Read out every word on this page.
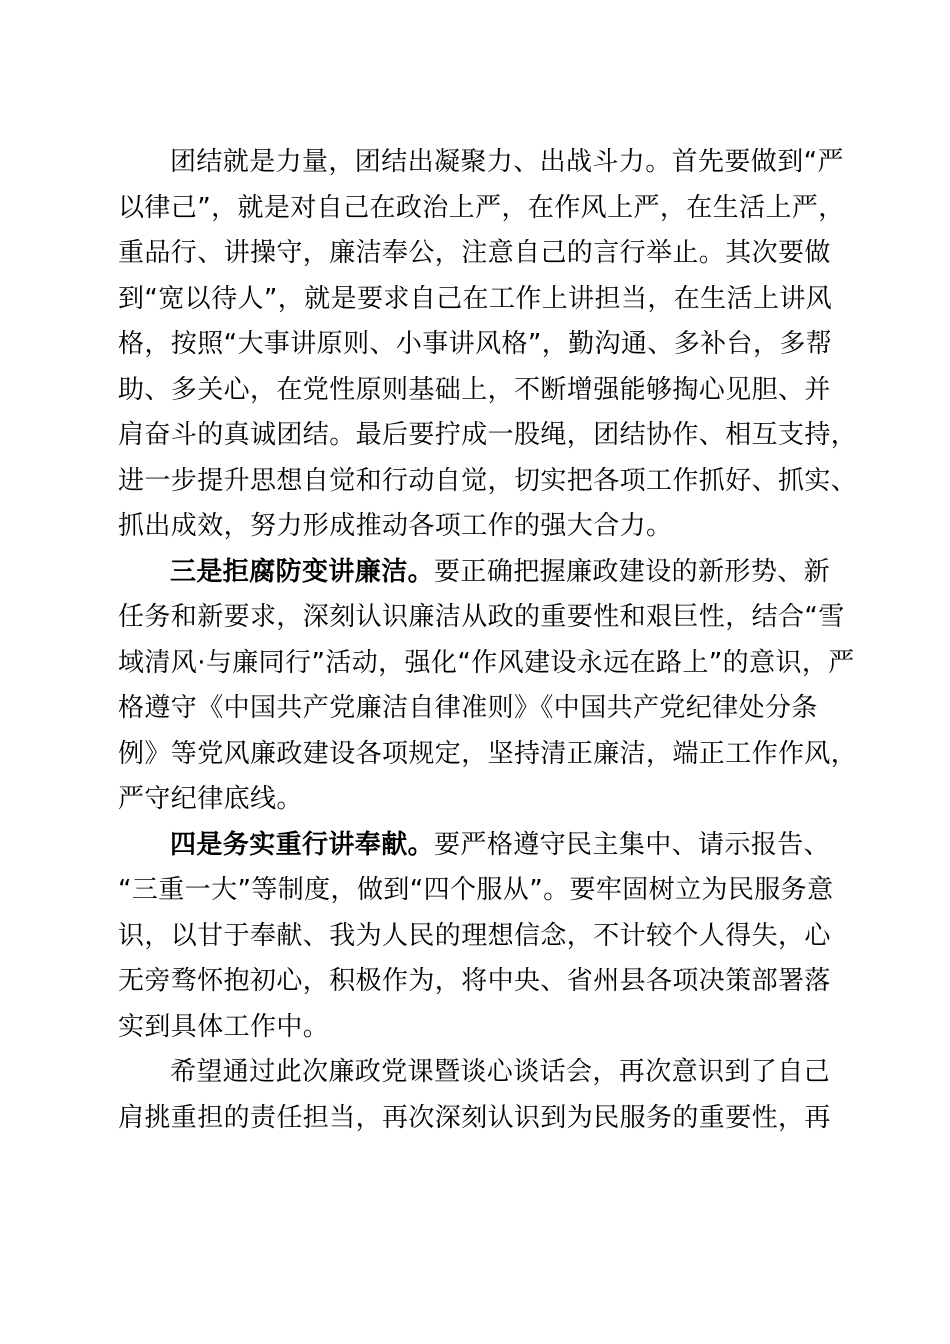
团结就是力量，团结出凝聚力、出战斗力。首先要做到“严
以律己”，就是对自己在政治上严，在作风上严，在生活上严，
重品行、讲操守，廉洁奉公，注意自己的言行举止。其次要做
到“宽以待人”，就是要求自己在工作上讲担当，在生活上讲风
格，按照“大事讲原则、小事讲风格”，勤沟通、多补台，多帮
助、多关心，在党性原则基础上，不断增强能够掏心见胆、并
肩奋斗的真诚团结。最后要拧成一股绳，团结协作、相互支持，
进一步提升思想自觉和行动自觉，切实把各项工作抓好、抓实、
抓出成效，努力形成推动各项工作的强大合力。
三是拒腐防变讲廉洁。要正确把握廉政建设的新形势、新
任务和新要求，深刻认识廉洁从政的重要性和艰巨性，结合“雪
域清风·与廉同行”活动，强化“作风建设永远在路上”的意识，严
格遵守《中国共产党廉洁自律准则》《中国共产党纪律处分条
例》等党风廉政建设各项规定，坚持清正廉洁，端正工作作风，
严守纪律底线。
四是务实重行讲奉献。要严格遵守民主集中、请示报告、
“三重一大”等制度，做到“四个服从”。要牢固树立为民服务意
识，以甘于奉献、我为人民的理想信念，不计较个人得失，心
无旁骛怀抱初心，积极作为，将中央、省州县各项决策部署落
实到具体工作中。
希望通过此次廉政党课暨谈心谈话会，再次意识到了自己
肩挑重担的责任担当，再次深刻认识到为民服务的重要性，再
